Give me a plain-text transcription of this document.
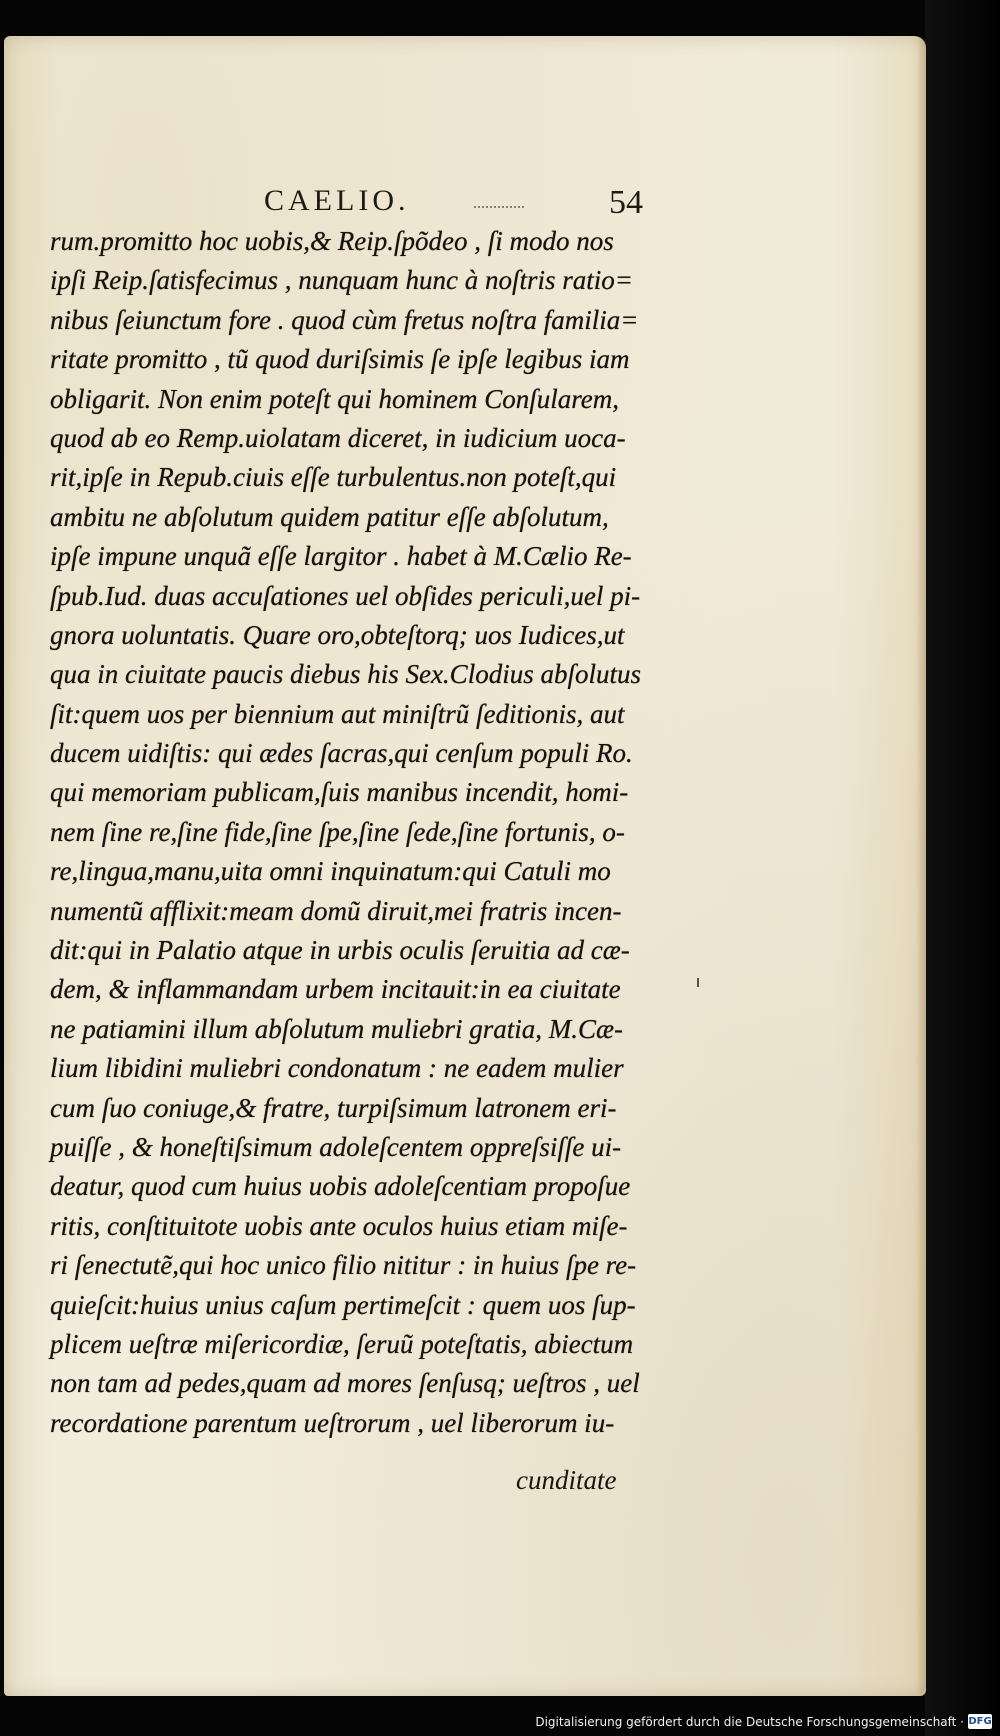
CAELIO.	54
rum.promitto hoc uobis,& Reip.ſpõdeo , ſi modo nos
ipſi Reip.ſatisfecimus , nunquam hunc à noſtris ratio=
nibus ſeiunctum fore . quod cùm fretus noſtra familia=
ritate promitto , tũ quod duriſsimis ſe ipſe legibus iam
obligarit. Non enim poteſt qui hominem Conſularem,
quod ab eo Remp.uiolatam diceret, in iudicium uoca-
rit,ipſe in Repub.ciuis eſſe turbulentus.non poteſt,qui
ambitu ne abſolutum quidem patitur eſſe abſolutum,
ipſe impune unquã eſſe largitor . habet à M.Cælio Re-
ſpub.Iud. duas accuſationes uel obſides periculi,uel pi-
gnora uoluntatis. Quare oro,obteſtorq; uos Iudices,ut
qua in ciuitate paucis diebus his Sex.Clodius abſolutus
ſit:quem uos per biennium aut miniſtrũ ſeditionis, aut
ducem uidiſtis: qui ædes ſacras,qui cenſum populi Ro.
qui memoriam publicam,ſuis manibus incendit, homi-
nem ſine re,ſine fide,ſine ſpe,ſine ſede,ſine fortunis, o-
re,lingua,manu,uita omni inquinatum:qui Catuli mo
numentũ afflixit:meam domũ diruit,mei fratris incen-
dit:qui in Palatio atque in urbis oculis ſeruitia ad cæ-
dem, & inflammandam urbem incitauit:in ea ciuitate
ne patiamini illum abſolutum muliebri gratia, M.Cæ-
lium libidini muliebri condonatum : ne eadem mulier
cum ſuo coniuge,& fratre, turpiſsimum latronem eri-
puiſſe , & honeſtiſsimum adoleſcentem oppreſsiſſe ui-
deatur, quod cum huius uobis adoleſcentiam propoſue
ritis, conſtituitote uobis ante oculos huius etiam miſe-
ri ſenectutẽ,qui hoc unico filio nititur : in huius ſpe re-
quieſcit:huius unius caſum pertimeſcit : quem uos ſup-
plicem ueſtræ miſericordiæ, ſeruũ poteſtatis, abiectum
non tam ad pedes,quam ad mores ſenſusq; ueſtros , uel
recordatione parentum ueſtrorum , uel liberorum iu-
cunditate
Digitalisierung gefördert durch die Deutsche Forschungsgemeinschaft · DFG
